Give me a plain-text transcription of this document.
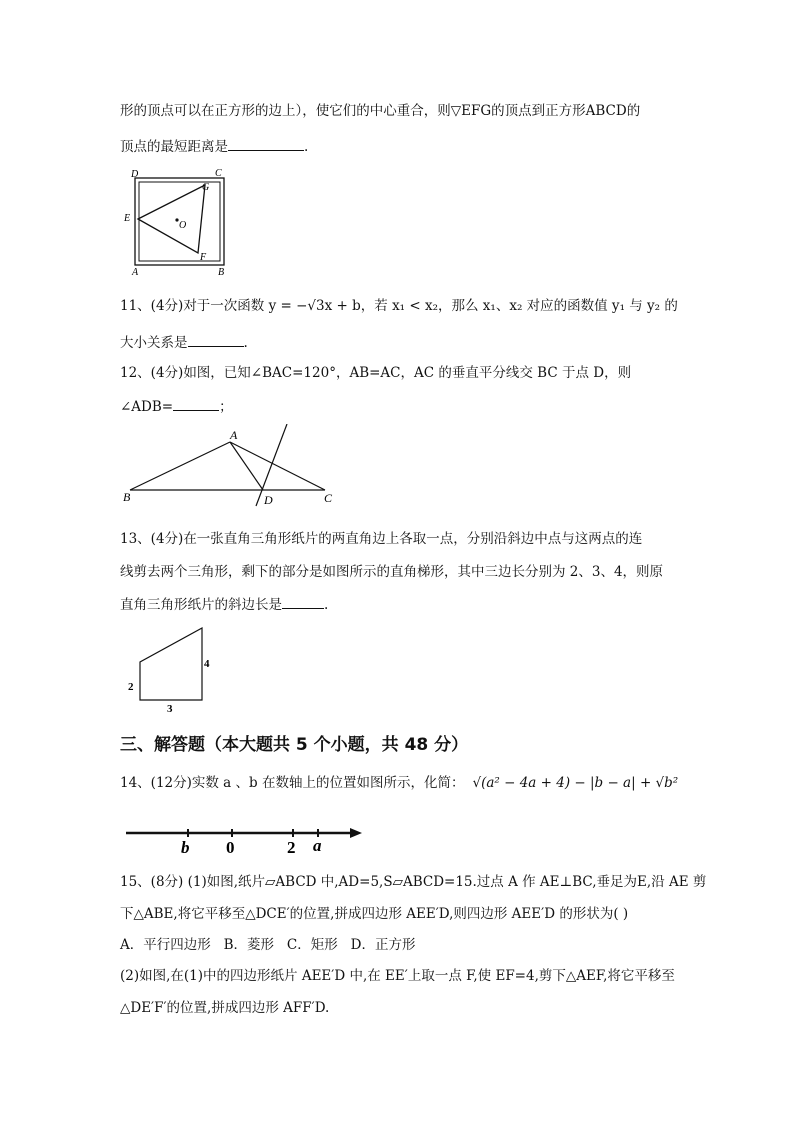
形的顶点可以在正方形的边上），使它们的中心重合，则▽EFG的顶点到正方形ABCD的
顶点的最短距离是	.
D	C
G
E
O
A
F
B
11、(4分)对于一次函数 y = −√3x + b，若 x₁ < x₂，那么 x₁、x₂ 对应的函数值 y₁ 与 y₂ 的
大小关系是	.
12、(4分)如图，已知∠BAC=120°，AB=AC，AC 的垂直平分线交 BC 于点 D，则
∠ADB=	；
A
B	D	C
13、(4分)在一张直角三角形纸片的两直角边上各取一点，分别沿斜边中点与这两点的连
线剪去两个三角形，剩下的部分是如图所示的直角梯形，其中三边长分别为 2、3、4，则原
直角三角形纸片的斜边长是	.
2
3
4
三、解答题（本大题共 5 个小题，共 48 分）
14、(12分)实数 a 、b 在数轴上的位置如图所示，化简： √(a² − 4a + 4) − |b − a| + √b²
b 0	2 a
15、(8分) (1)如图,纸片▱ABCD 中,AD=5,S▱ABCD=15.过点 A 作 AE⊥BC,垂足为E,沿 AE 剪
下△ABE,将它平移至△DCE′的位置,拼成四边形 AEE′D,则四边形 AEE′D 的形状为( )
A．平行四边形 B．菱形 C．矩形 D．正方形
(2)如图,在(1)中的四边形纸片 AEE′D 中,在 EE′上取一点 F,使 EF=4,剪下△AEF,将它平移至
△DE′F′的位置,拼成四边形 AFF′D.
